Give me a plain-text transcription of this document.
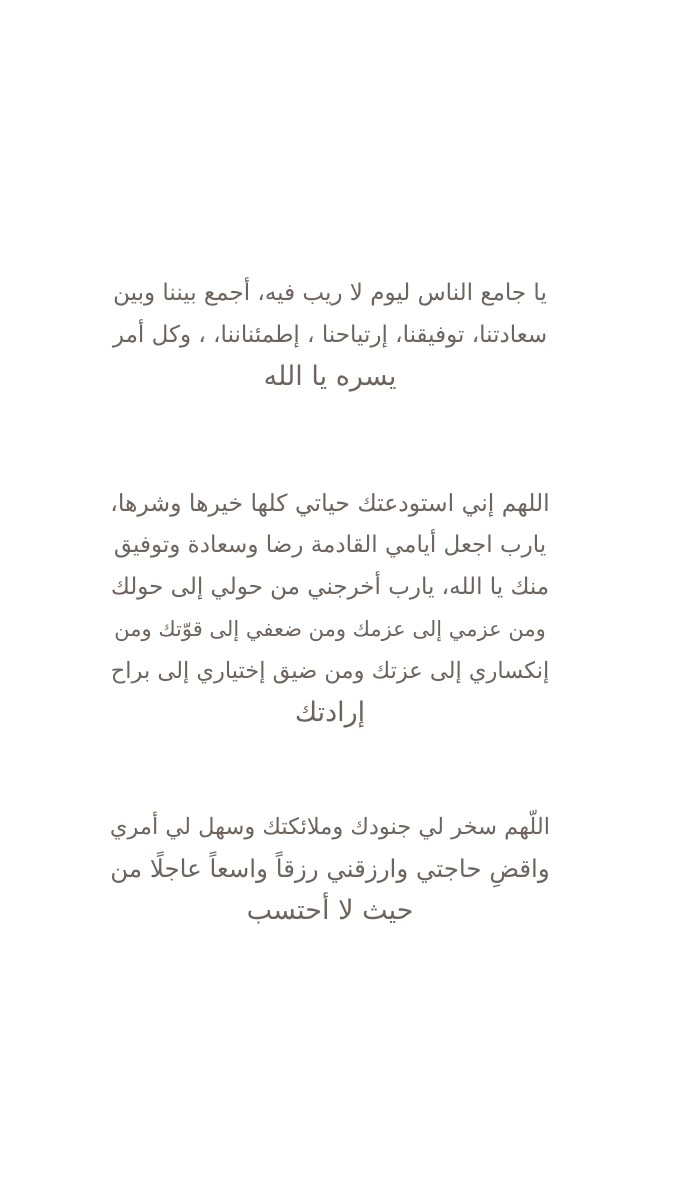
يا جامع الناس ليوم لا ريب فيه، أجمع بيننا وبين
سعادتنا، توفيقنا، إرتياحنا ، إطمئناننا، ، وكل أمر
يسره يا الله

اللهم إني استودعتك حياتي كلها خيرها وشرها،
يارب اجعل أيامي القادمة رضا وسعادة وتوفيق
منك يا الله، يارب أخرجني من حولي إلى حولك
ومن عزمي إلى عزمك ومن ضعفي إلى قوّتك ومن
إنكساري إلى عزتك ومن ضيق إختياري إلى براح
إرادتك

اللّهم سخر لي جنودك وملائكتك وسهل لي أمري
واقضِ حاجتي وارزقني رزقاً واسعاً عاجلًا من
حيث لا أحتسب
